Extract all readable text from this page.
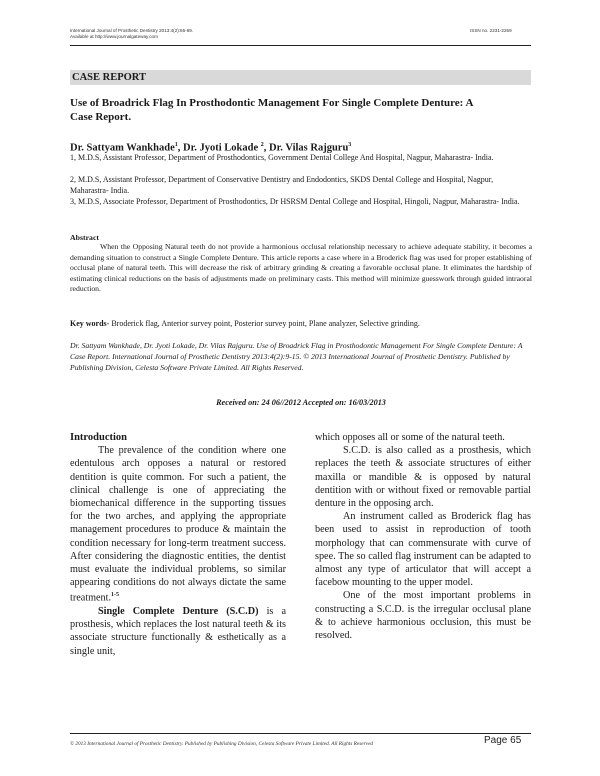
International Journal of Prosthetic Dentistry 2013:4(2):65-69.
Available at http://www.journalgateway.com
ISSN no. 2231-2269
CASE REPORT
Use of Broadrick Flag In Prosthodontic Management For Single Complete Denture: A
Case Report.
Dr. Sattyam Wankhade$^1$, Dr. Jyoti Lokade $^2$, Dr. Vilas Rajguru$^3$
1, M.D.S, Assistant Professor, Department of Prosthodontics, Government Dental College And Hospital, Nagpur, Maharastra- India.
2, M.D.S, Assistant Professor, Department of Conservative Dentistry and Endodontics, SKDS Dental College and Hospital, Nagpur, Maharastra- India.
3, M.D.S, Associate Professor, Department of Prosthodontics, Dr HSRSM Dental College and Hospital, Hingoli, Nagpur, Maharastra- India.
Abstract
When the Opposing Natural teeth do not provide a harmonious occlusal relationship necessary to achieve adequate stability, it becomes a demanding situation to construct a Single Complete Denture. This article reports a case where in a Broderick flag was used for proper establishing of occlusal plane of natural teeth. This will decrease the risk of arbitrary grinding & creating a favorable occlusal plane. It eliminates the hardship of estimating clinical reductions on the basis of adjustments made on preliminary casts. This method will minimize guesswork through guided intraoral reduction.
Key words- Broderick flag, Anterior survey point, Posterior survey point, Plane analyzer, Selective grinding.
Dr. Sattyam Wankhade, Dr. Jyoti Lokade, Dr. Vilas Rajguru. Use of Broadrick Flag in Prosthodontic Management For Single Complete Denture: A Case Report. International Journal of Prosthetic Dentistry 2013:4(2):9-15. © 2013 International Journal of Prosthetic Dentistry. Published by Publishing Division, Celesta Software Private Limited. All Rights Reserved.
Received on: 24 06//2012 Accepted on: 16/03/2013
Introduction

The prevalence of the condition where one edentulous arch opposes a natural or restored dentition is quite common. For such a patient, the clinical challenge is one of appreciating the biomechanical difference in the supporting tissues for the two arches, and applying the appropriate management procedures to produce & maintain the condition necessary for long-term treatment success. After considering the diagnostic entities, the dentist must evaluate the individual problems, so similar appearing conditions do not always dictate the same treatment.$^{1-5}$

Single Complete Denture (S.C.D) is a prosthesis, which replaces the lost natural teeth & its associate structure functionally & esthetically as a single unit,

which opposes all or some of the natural teeth.

S.C.D. is also called as a prosthesis, which replaces the teeth & associate structures of either maxilla or mandible & is opposed by natural dentition with or without fixed or removable partial denture in the opposing arch.

An instrument called as Broderick flag has been used to assist in reproduction of tooth morphology that can commensurate with curve of spee. The so called flag instrument can be adapted to almost any type of articulator that will accept a facebow mounting to the upper model.

One of the most important problems in constructing a S.C.D. is the irregular occlusal plane & to achieve harmonious occlusion, this must be resolved.

© 2013 International Journal of Prosthetic Dentistry. Published by Publishing Division, Celesta Software Private Limited. All Rights Reserved	Page 65
